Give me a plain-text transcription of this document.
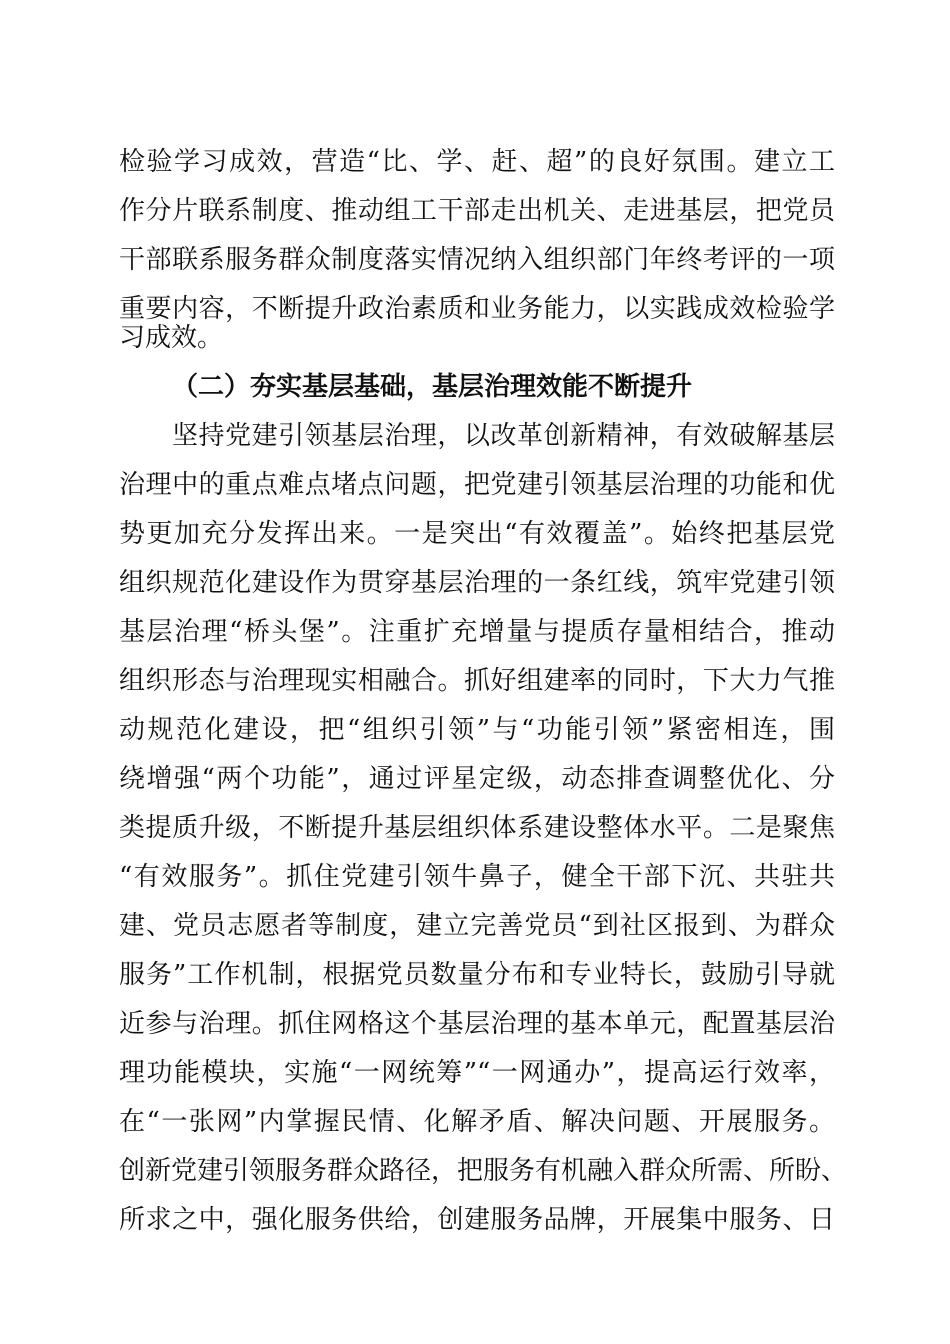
检验学习成效，营造“比、学、赶、超”的良好氛围。建立工
作分片联系制度、推动组工干部走出机关、走进基层，把党员
干部联系服务群众制度落实情况纳入组织部门年终考评的一项
重要内容，不断提升政治素质和业务能力，以实践成效检验学
习成效。
（二）夯实基层基础，基层治理效能不断提升
坚持党建引领基层治理，以改革创新精神，有效破解基层
治理中的重点难点堵点问题，把党建引领基层治理的功能和优
势更加充分发挥出来。一是突出“有效覆盖”。始终把基层党
组织规范化建设作为贯穿基层治理的一条红线，筑牢党建引领
基层治理“桥头堡”。注重扩充增量与提质存量相结合，推动
组织形态与治理现实相融合。抓好组建率的同时，下大力气推
动规范化建设，把“组织引领”与“功能引领”紧密相连，围
绕增强“两个功能”，通过评星定级，动态排查调整优化、分
类提质升级，不断提升基层组织体系建设整体水平。二是聚焦
“有效服务”。抓住党建引领牛鼻子，健全干部下沉、共驻共
建、党员志愿者等制度，建立完善党员“到社区报到、为群众
服务”工作机制，根据党员数量分布和专业特长，鼓励引导就
近参与治理。抓住网格这个基层治理的基本单元，配置基层治
理功能模块，实施“一网统筹”“一网通办”，提高运行效率，
在“一张网”内掌握民情、化解矛盾、解决问题、开展服务。
创新党建引领服务群众路径，把服务有机融入群众所需、所盼、
所求之中，强化服务供给，创建服务品牌，开展集中服务、日
